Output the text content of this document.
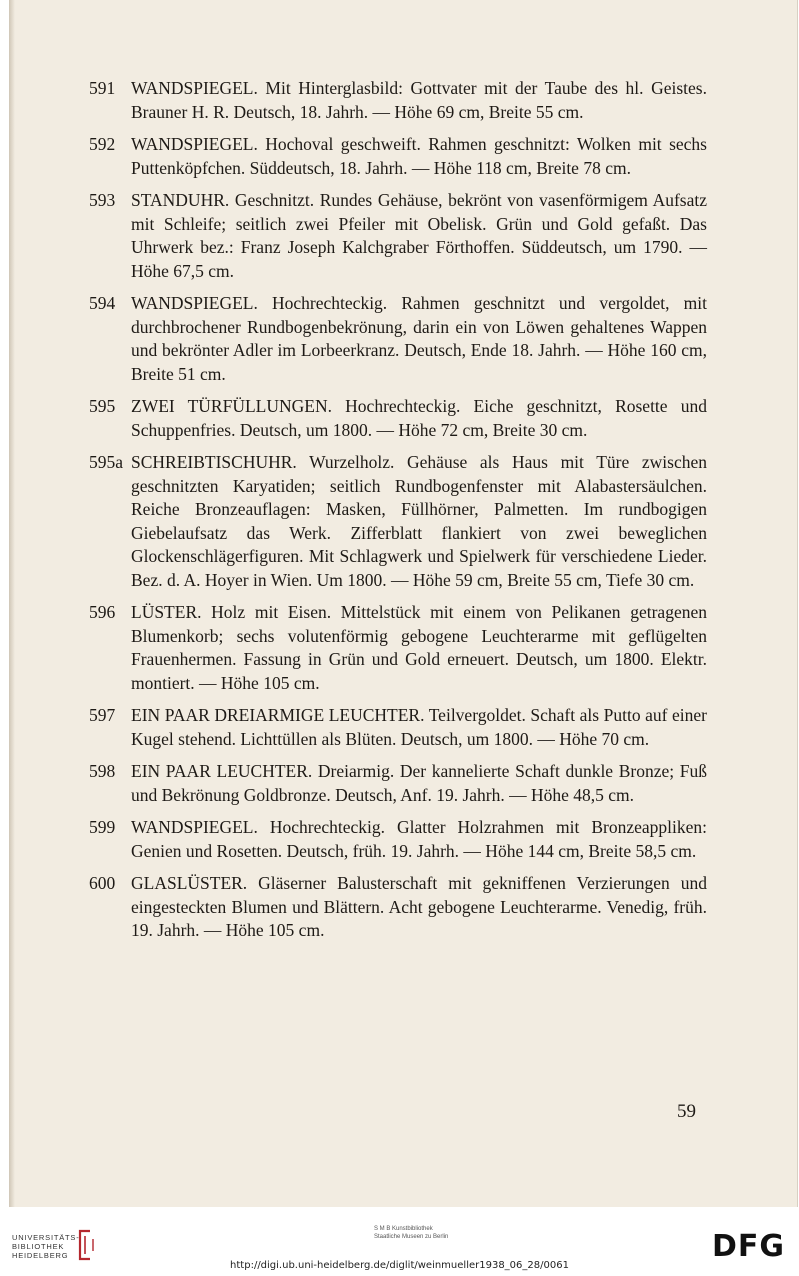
591 WANDSPIEGEL. Mit Hinterglasbild: Gottvater mit der Taube des hl. Geistes. Brauner H. R. Deutsch, 18. Jahrh. — Höhe 69 cm, Breite 55 cm.
592 WANDSPIEGEL. Hochoval geschweift. Rahmen geschnitzt: Wolken mit sechs Puttenköpfchen. Süddeutsch, 18. Jahrh. — Höhe 118 cm, Breite 78 cm.
593 STANDUHR. Geschnitzt. Rundes Gehäuse, bekrönt von vasenförmigem Aufsatz mit Schleife; seitlich zwei Pfeiler mit Obelisk. Grün und Gold gefaßt. Das Uhrwerk bez.: Franz Joseph Kalchgraber Förthoffen. Süddeutsch, um 1790. — Höhe 67,5 cm.
594 WANDSPIEGEL. Hochrechteckig. Rahmen geschnitzt und vergoldet, mit durchbrochener Rundbogenbekrönung, darin ein von Löwen gehaltenes Wappen und bekrönter Adler im Lorbeerkranz. Deutsch, Ende 18. Jahrh. — Höhe 160 cm, Breite 51 cm.
595 ZWEI TÜRFÜLLUNGEN. Hochrechteckig. Eiche geschnitzt, Rosette und Schuppenfries. Deutsch, um 1800. — Höhe 72 cm, Breite 30 cm.
595a SCHREIBTISCHUHR. Wurzelholz. Gehäuse als Haus mit Türe zwischen geschnitzten Karyatiden; seitlich Rundbogenfenster mit Alabastersäulchen. Reiche Bronzeauflagen: Masken, Füllhörner, Palmetten. Im rundbogigen Giebelaufsatz das Werk. Zifferblatt flankiert von zwei beweglichen Glockenschlägerfiguren. Mit Schlagwerk und Spielwerk für verschiedene Lieder. Bez. d. A. Hoyer in Wien. Um 1800. — Höhe 59 cm, Breite 55 cm, Tiefe 30 cm.
596 LÜSTER. Holz mit Eisen. Mittelstück mit einem von Pelikanen getragenen Blumenkorb; sechs volutenförmig gebogene Leuchterarme mit geflügelten Frauenhermen. Fassung in Grün und Gold erneuert. Deutsch, um 1800. Elektr. montiert. — Höhe 105 cm.
597 EIN PAAR DREIARMIGE LEUCHTER. Teilvergoldet. Schaft als Putto auf einer Kugel stehend. Lichttüllen als Blüten. Deutsch, um 1800. — Höhe 70 cm.
598 EIN PAAR LEUCHTER. Dreiarmig. Der kannelierte Schaft dunkle Bronze; Fuß und Bekrönung Goldbronze. Deutsch, Anf. 19. Jahrh. — Höhe 48,5 cm.
599 WANDSPIEGEL. Hochrechteckig. Glatter Holzrahmen mit Bronzeappliken: Genien und Rosetten. Deutsch, früh. 19. Jahrh. — Höhe 144 cm, Breite 58,5 cm.
600 GLASLÜSTER. Gläserner Balusterschaft mit gekniffenen Verzierungen und eingesteckten Blumen und Blättern. Acht gebogene Leuchterarme. Venedig, früh. 19. Jahrh. — Höhe 105 cm.
59
UNIVERSITÄTS- BIBLIOTHEK HEIDELBERG
S M B Kunstbibliothek Staatliche Museen zu Berlin	DFG
http://digi.ub.uni-heidelberg.de/diglit/weinmueller1938_06_28/0061
